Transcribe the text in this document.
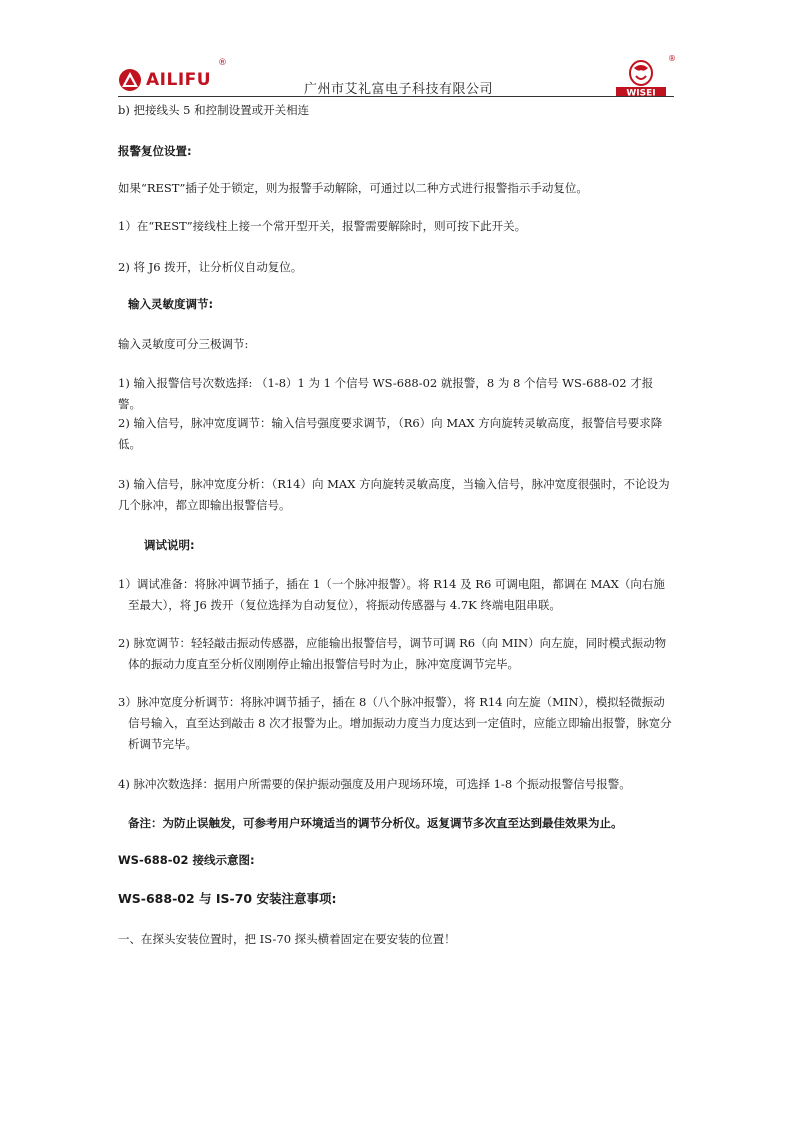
AILIFU
®
广州市艾礼富电子科技有限公司	WISEI
®

b) 把接线头 5 和控制设置或开关相连

报警复位设置:

如果“REST”插子处于锁定，则为报警手动解除，可通过以二种方式进行报警指示手动复位。

1）在“REST”接线柱上接一个常开型开关，报警需要解除时，则可按下此开关。

2) 将 J6 拨开，让分析仪自动复位。

输入灵敏度调节:

输入灵敏度可分三极调节:

1) 输入报警信号次数选择: （1-8）1 为 1 个信号 WS-688-02 就报警，8 为 8 个信号 WS-688-02 才报警。

2) 输入信号，脉冲宽度调节：输入信号强度要求调节，（R6）向 MAX 方向旋转灵敏高度，报警信号要求降低。

3) 输入信号，脉冲宽度分析：（R14）向 MAX 方向旋转灵敏高度，当输入信号，脉冲宽度很强时，不论设为几个脉冲，都立即输出报警信号。

调试说明:

1）调试准备：将脉冲调节插子，插在 1（一个脉冲报警）。将 R14 及 R6 可调电阻，都调在 MAX（向右施至最大），将 J6 拨开（复位选择为自动复位），将振动传感器与 4.7K 终端电阻串联。

2) 脉宽调节：轻轻敲击振动传感器，应能输出报警信号，调节可调 R6（向 MIN）向左旋，同时模式振动物体的振动力度直至分析仪刚刚停止输出报警信号时为止，脉冲宽度调节完毕。

3）脉冲宽度分析调节：将脉冲调节插子，插在 8（八个脉冲报警），将 R14 向左旋（MIN），模拟轻微振动信号输入，直至达到敲击 8 次才报警为止。增加振动力度当力度达到一定值时，应能立即输出报警，脉宽分析调节完毕。

4) 脉冲次数选择：据用户所需要的保护振动强度及用户现场环境，可选择 1-8 个振动报警信号报警。

备注：为防止误触发，可参考用户环境适当的调节分析仪。返复调节多次直至达到最佳效果为止。

WS-688-02 接线示意图:

WS-688-02 与 IS-70 安装注意事项:

一、在探头安装位置时，把 IS-70 探头横着固定在要安装的位置！
